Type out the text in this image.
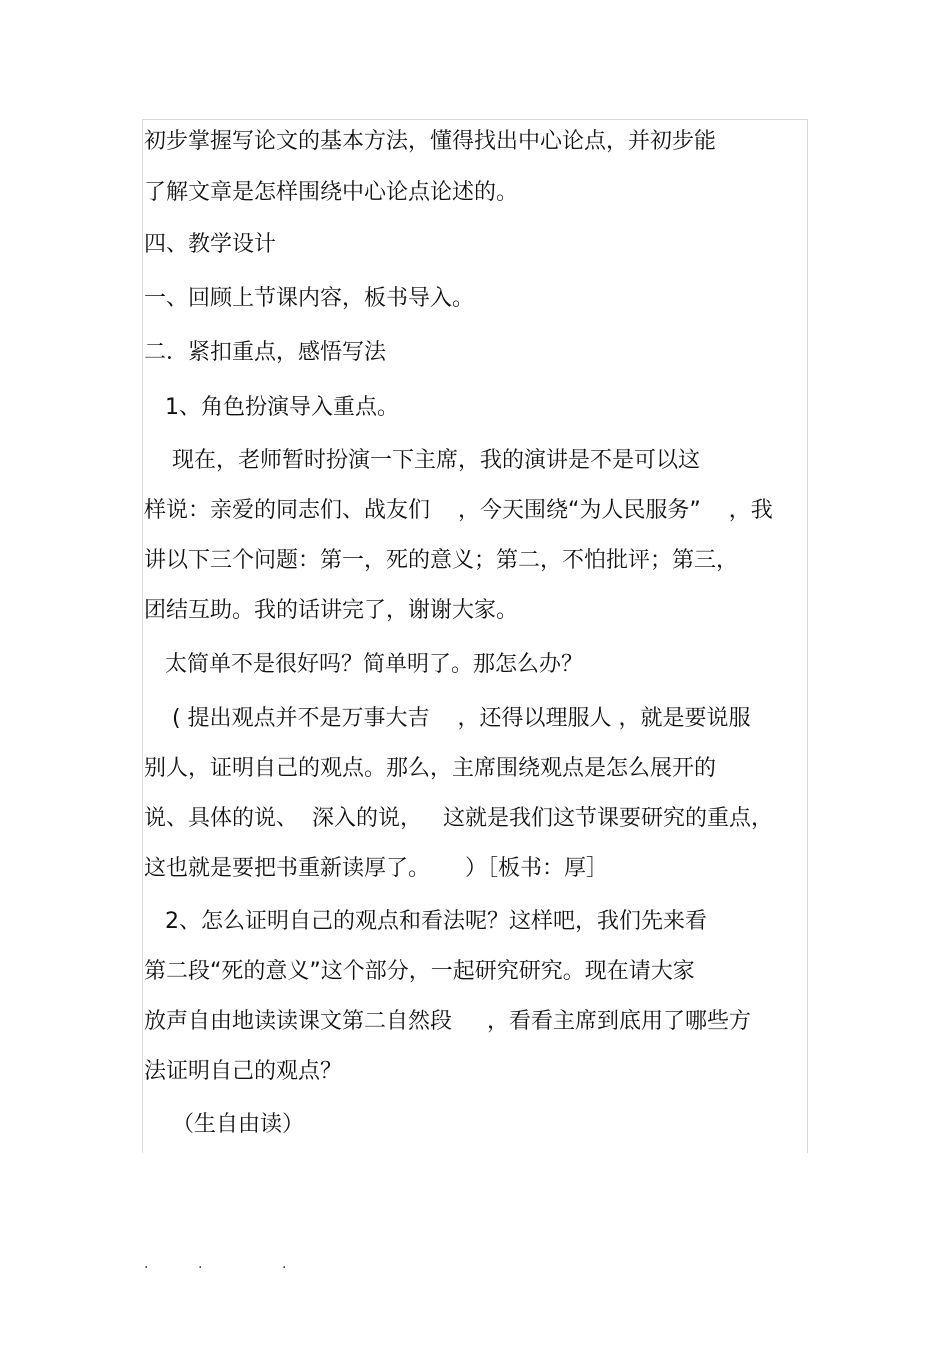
初步掌握写论文的基本方法，懂得找出中心论点，并初步能
了解文章是怎样围绕中心论点论述的。
四、教学设计
一、回顾上节课内容，板书导入。
二．紧扣重点，感悟写法
1、角色扮演导入重点。
现在，老师暂时扮演一下主席，我的演讲是不是可以这
样说：亲爱的同志们、战友们    ，今天围绕“为人民服务”    ，我
讲以下三个问题：第一，死的意义；第二，不怕批评；第三，
团结互助。我的话讲完了，谢谢大家。
太简单不是很好吗？简单明了。那怎么办？
( 提出观点并不是万事大吉    ，还得以理服人 ，就是要说服
别人，证明自己的观点。那么，主席围绕观点是怎么展开的
说、具体的说、  深入的说，   这就是我们这节课要研究的重点，
这也就是要把书重新读厚了。     ）［板书：厚］
2、怎么证明自己的观点和看法呢？这样吧，我们先来看
第二段“死的意义”这个部分，一起研究研究。现在请大家
放声自由地读读课文第二自然段     ，看看主席到底用了哪些方
法证明自己的观点？
（生自由读）
.	.	.
